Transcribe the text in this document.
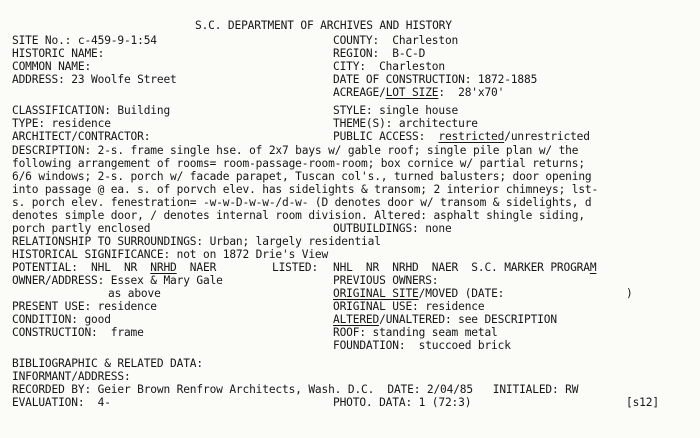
S.C. DEPARTMENT OF ARCHIVES AND HISTORY
SITE No.: c-459-9-1:54	COUNTY:  Charleston
HISTORIC NAME:	REGION:  B-C-D
COMMON NAME:	CITY:  Charleston
ADDRESS: 23 Woolfe Street	DATE OF CONSTRUCTION: 1872-1885
ACREAGE/LOT SIZE:  28'x70'
CLASSIFICATION: Building	STYLE: single house
TYPE: residence	THEME(S): architecture
ARCHITECT/CONTRACTOR:	PUBLIC ACCESS:  restricted/unrestricted
DESCRIPTION: 2-s. frame single hse. of 2x7 bays w/ gable roof; single pile plan w/ the
following arrangement of rooms= room-passage-room-room; box cornice w/ partial returns;
6/6 windows; 2-s. porch w/ facade parapet, Tuscan col's., turned balusters; door opening
into passage @ ea. s. of porvch elev. has sidelights & transom; 2 interior chimneys; lst-
s. porch elev. fenestration= -w-w-D-w-w-/d-w- (D denotes door w/ transom & sidelights, d
denotes simple door, / denotes internal room division. Altered: asphalt shingle siding,
porch partly enclosed	OUTBUILDINGS: none
RELATIONSHIP TO SURROUNDINGS: Urban; largely residential
HISTORICAL SIGNIFICANCE: not on 1872 Drie's View
POTENTIAL:  NHL  NR  NRHD  NAER	LISTED: NHL  NR  NRHD  NAER  S.C. MARKER PROGRAM
OWNER/ADDRESS: Essex & Mary Gale	PREVIOUS OWNERS:
as above	ORIGINAL SITE/MOVED (DATE:	)
PRESENT USE: residence	ORIGINAL USE: residence
CONDITION: good	ALTERED/UNALTERED: see DESCRIPTION
CONSTRUCTION:  frame	ROOF: standing seam metal
FOUNDATION:  stuccoed brick
BIBLIOGRAPHIC & RELATED DATA:
INFORMANT/ADDRESS:
RECORDED BY: Geier Brown Renfrow Architects, Wash. D.C.  DATE: 2/04/85   INITIALED: RW
EVALUATION:  4-	PHOTO. DATA: 1 (72:3)	[s12]
